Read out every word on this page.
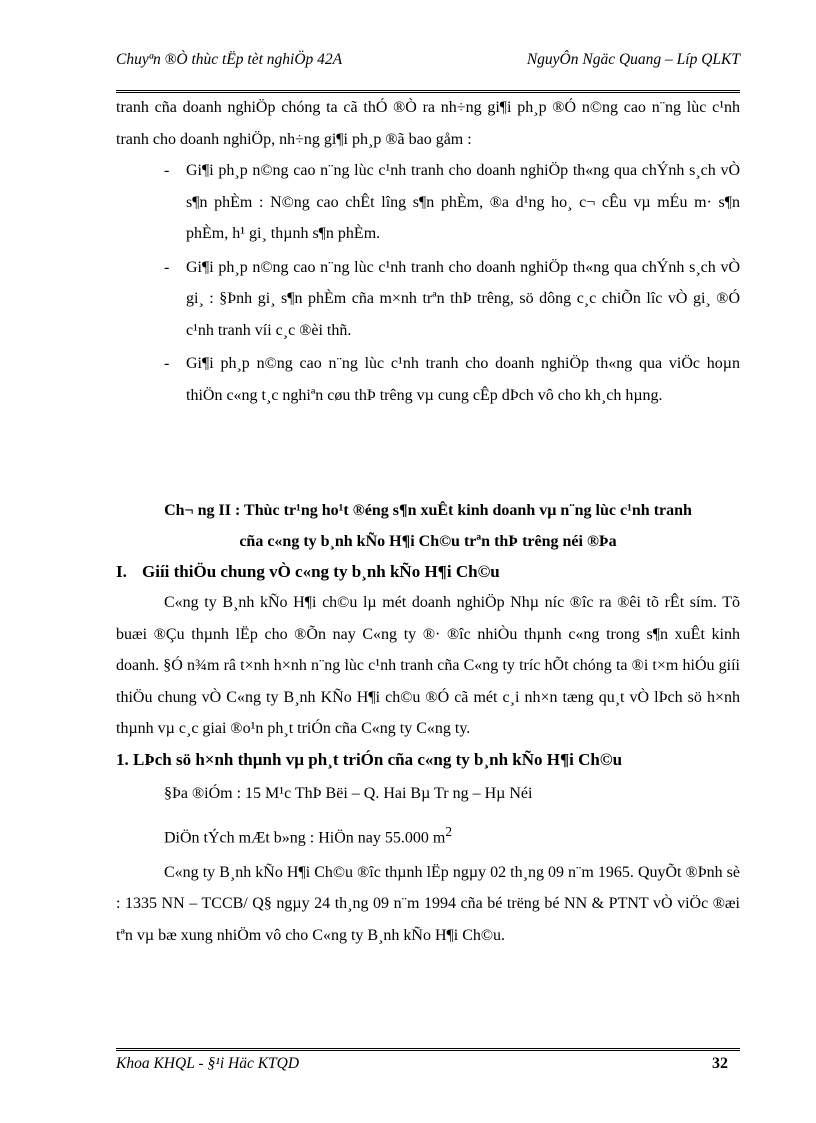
Chuyªn ®Ò thùc tËp tèt nghiÖp 42A	NguyÔn Ngäc Quang – Líp QLKT

tranh cña doanh nghiÖp chóng ta cã thÓ ®Ò ra nh÷ng gi¶i ph¸p ®Ó n©ng cao n¨ng lùc c¹nh tranh cho doanh nghiÖp, nh÷ng gi¶i ph¸p ®ã bao gåm :

- Gi¶i ph¸p n©ng cao n¨ng lùc c¹nh tranh cho doanh nghiÖp th«ng qua chÝnh s¸ch vÒ s¶n phÈm : N©ng cao chÊt lîng s¶n phÈm, ®a d¹ng ho¸ c¬ cÊu vµ mÉu m· s¶n phÈm, h¹ gi¸ thµnh s¶n phÈm.
- Gi¶i ph¸p n©ng cao n¨ng lùc c¹nh tranh cho doanh nghiÖp th«ng qua chÝnh s¸ch vÒ gi¸ : §Þnh gi¸ s¶n phÈm cña m×nh trªn thÞ trêng, sö dông c¸c chiÕn lîc vÒ gi¸ ®Ó c¹nh tranh víi c¸c ®èi thñ.
- Gi¶i ph¸p n©ng cao n¨ng lùc c¹nh tranh cho doanh nghiÖp th«ng qua viÖc hoµn thiÖn c«ng t¸c nghiªn cøu thÞ trêng vµ cung cÊp dÞch vô cho kh¸ch hµng.

Ch¬ ng II : Thùc tr¹ng ho¹t ®éng s¶n xuÊt kinh doanh vµ n¨ng lùc c¹nh tranh

cña c«ng ty b¸nh kÑo H¶i Ch©u trªn thÞ trêng néi ®Þa

I. Giíi thiÖu chung vÒ c«ng ty b¸nh kÑo H¶i Ch©u

C«ng ty B¸nh kÑo H¶i ch©u lµ mét doanh nghiÖp Nhµ níc ®îc ra ®êi tõ rÊt sím. Tõ buæi ®Çu thµnh lËp cho ®Õn nay C«ng ty ®· ®îc nhiÒu thµnh c«ng trong s¶n xuÊt kinh doanh. §Ó n¾m râ t×nh h×nh n¨ng lùc c¹nh tranh cña C«ng ty tríc hÕt chóng ta ®i t×m hiÓu giíi thiÖu chung vÒ C«ng ty B¸nh KÑo H¶i ch©u ®Ó cã mét c¸i nh×n tæng qu¸t vÒ lÞch sö h×nh thµnh vµ c¸c giai ®o¹n ph¸t triÓn cña C«ng ty C«ng ty.

1. LÞch sö h×nh thµnh vµ ph¸t triÓn cña c«ng ty b¸nh kÑo H¶i Ch©u

§Þa ®iÓm : 15 M¹c ThÞ Bëi – Q. Hai Bµ Tr ng – Hµ Néi

DiÖn tÝch mÆt b»ng : HiÖn nay 55.000 $m^2$

C«ng ty B¸nh kÑo H¶i Ch©u ®îc thµnh lËp ngµy 02 th¸ng 09 n¨m 1965. QuyÕt ®Þnh sè : 1335 NN – TCCB/ Q§ ngµy 24 th¸ng 09 n¨m 1994 cña bé trëng bé NN & PTNT vÒ viÖc ®æi tªn vµ bæ xung nhiÖm vô cho C«ng ty B¸nh kÑo H¶i Ch©u.

Khoa KHQL - §¹i Häc KTQD	32
